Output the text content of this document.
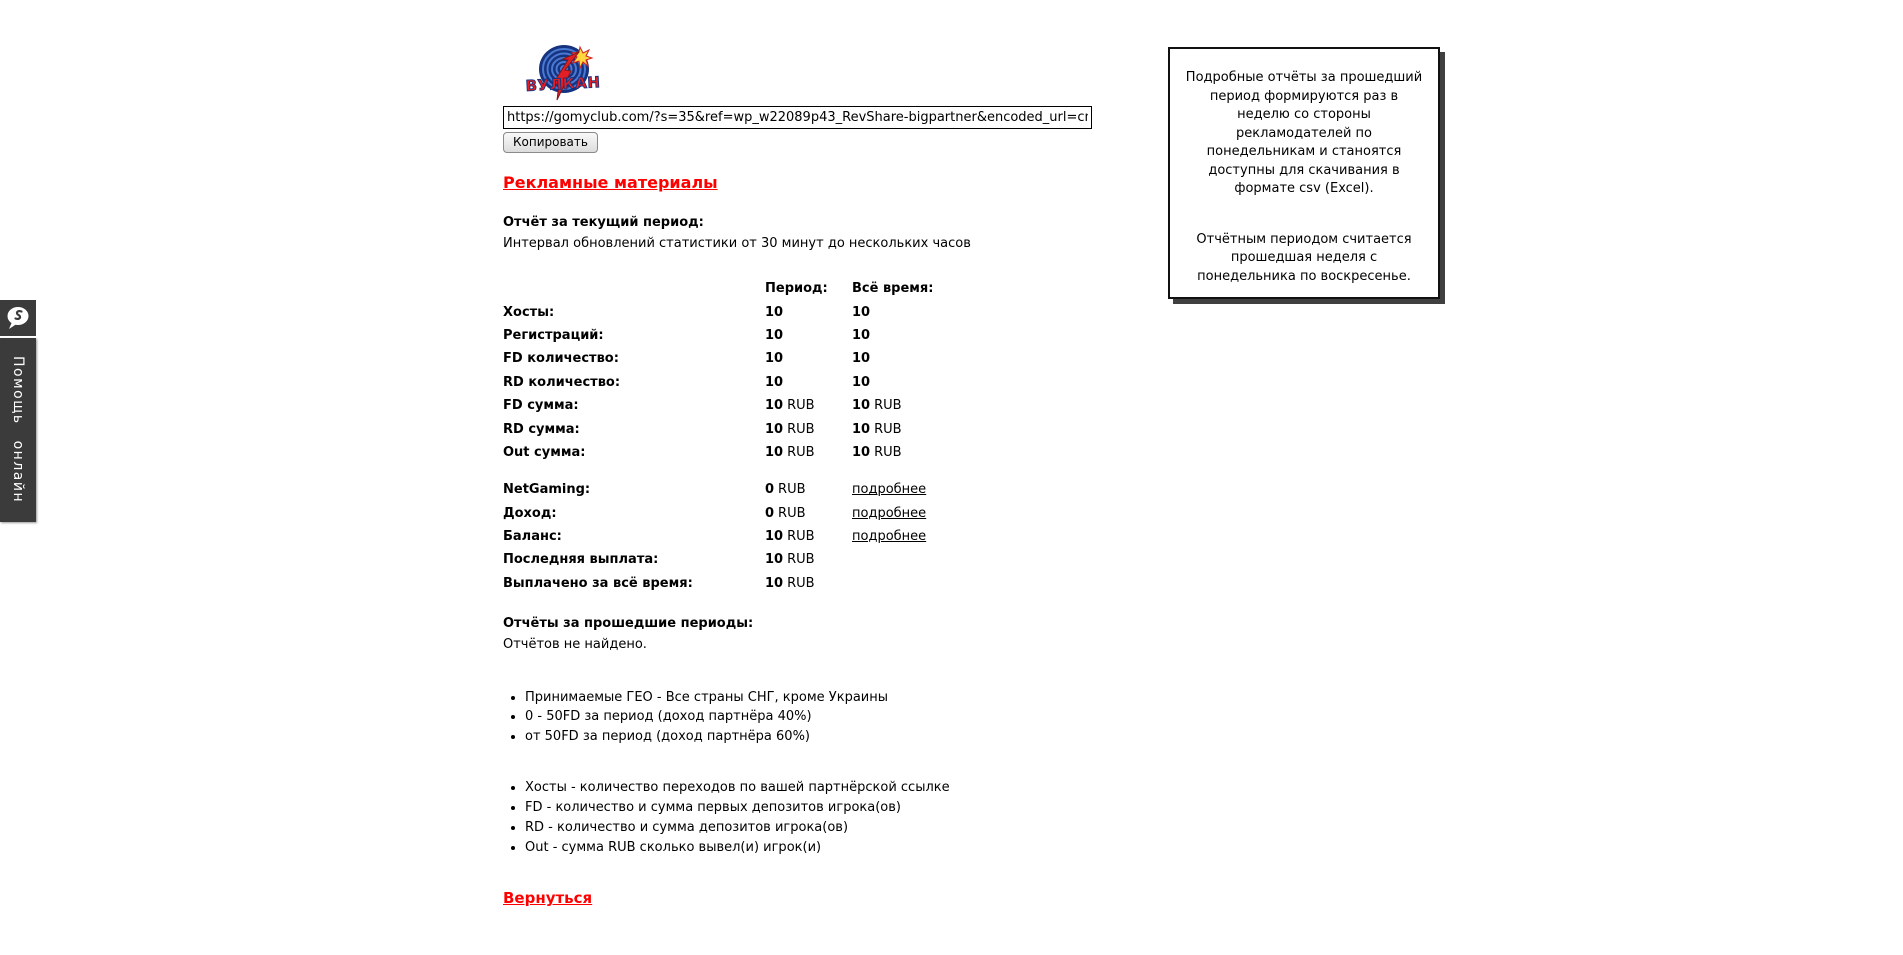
Помощь онлайн
ВУЛКАН
https://gomyclub.com/?s=35&ref=wp_w22089p43_RevShare-bigpartner&encoded_url=cmVnaXN0 Копировать
Рекламные материалы
Отчёт за текущий период:
Интервал обновлений статистики от 30 минут до нескольких часов
Период:	Всё время:
Хосты:	10	10
Регистраций:	10	10
FD количество:	10	10
RD количество:	10	10
FD сумма:	10 RUB	10 RUB
RD сумма:	10 RUB	10 RUB
Out сумма:	10 RUB	10 RUB
NetGaming:	0 RUB	подробнее
Доход:	0 RUB	подробнее
Баланс:	10 RUB	подробнее
Последняя выплата:	10 RUB
Выплачено за всё время:	10 RUB
Отчёты за прошедшие периоды:
Отчётов не найдено.
• Принимаемые ГЕО - Все страны СНГ, кроме Украины
• 0 - 50FD за период (доход партнёра 40%)
• от 50FD за период (доход партнёра 60%)
• Хосты - количество переходов по вашей партнёрской ссылке
• FD - количество и сумма первых депозитов игрока(ов)
• RD - количество и сумма депозитов игрока(ов)
• Out - сумма RUB сколько вывел(и) игрок(и)
Вернуться

Подробные отчёты за прошедший период формируются раз в неделю со стороны рекламодателей по понедельникам и станоятся доступны для скачивания в формате csv (Excel).

Отчётным периодом считается прошедшая неделя с понедельника по воскресенье.
